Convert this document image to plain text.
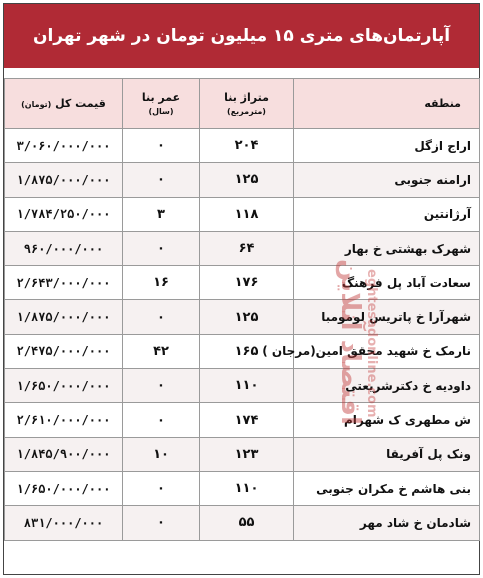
آپارتمان‌های متری ۱۵ میلیون تومان در شهر تهران
قیمت کل (تومان)	عمر بنا (سال)	متراژ بنا (مترمربع)	منطقه
۳/۰۶۰/۰۰۰/۰۰۰	۰	۲۰۴	اراج ازگل
۱/۸۷۵/۰۰۰/۰۰۰	۰	۱۲۵	ارامنه جنوبی
۱/۷۸۴/۲۵۰/۰۰۰	۳	۱۱۸	آرژانتین
۹۶۰/۰۰۰/۰۰۰	۰	۶۴	شهرک بهشتی خ بهار
۲/۶۴۳/۰۰۰/۰۰۰	۱۶	۱۷۶	سعادت آباد پل فرهنگ
۱/۸۷۵/۰۰۰/۰۰۰	۰	۱۲۵	شهرآرا خ پاتریس لومومبا
۲/۴۷۵/۰۰۰/۰۰۰	۴۲	۱۶۵	نارمک خ شهید محقق امین(مرجان )
۱/۶۵۰/۰۰۰/۰۰۰	۰	۱۱۰	داودیه خ دکترشریعتی
۲/۶۱۰/۰۰۰/۰۰۰	۰	۱۷۴	ش مطهری ک شهرام
۱/۸۴۵/۹۰۰/۰۰۰	۱۰	۱۲۳	ونک پل آفریقا
۱/۶۵۰/۰۰۰/۰۰۰	۰	۱۱۰	بنی هاشم خ مکران جنوبی
۸۳۱/۰۰۰/۰۰۰	۰	۵۵	شادمان خ شاد مهر
اقتصاد آنلاین eghtesadonline.com
